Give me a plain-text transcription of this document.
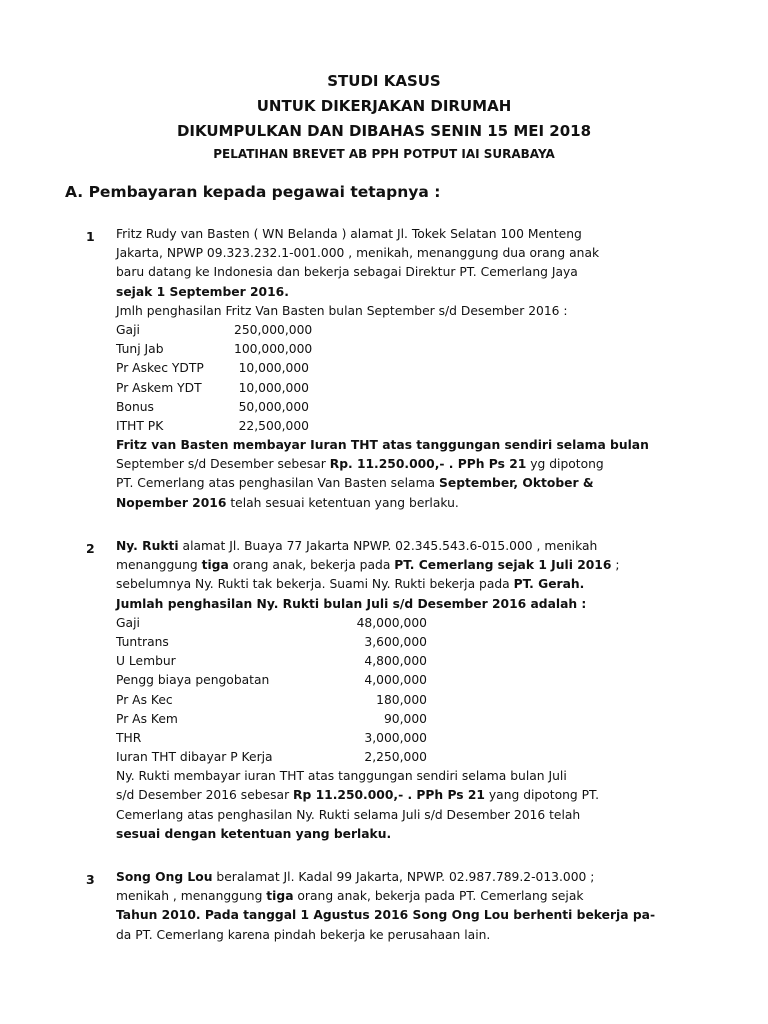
STUDI KASUS
UNTUK DIKERJAKAN DIRUMAH
DIKUMPULKAN DAN DIBAHAS SENIN 15 MEI 2018
PELATIHAN BREVET AB PPH POTPUT IAI SURABAYA
A. Pembayaran kepada pegawai tetapnya :
1 Fritz Rudy van Basten ( WN Belanda ) alamat Jl. Tokek Selatan 100 Menteng
Jakarta, NPWP 09.323.232.1-001.000 , menikah, menanggung dua orang anak
baru datang ke Indonesia dan bekerja sebagai Direktur PT. Cemerlang Jaya
sejak 1 September 2016.
Jmlh penghasilan Fritz Van Basten bulan September s/d Desember 2016 :
Gaji	250,000,000
Tunj Jab	100,000,000
Pr Askec YDTP	10,000,000
Pr Askem YDT	10,000,000
Bonus	50,000,000
ITHT PK	22,500,000
Fritz van Basten membayar Iuran THT atas tanggungan sendiri selama bulan
September s/d Desember sebesar Rp. 11.250.000,- . PPh Ps 21 yg dipotong
PT. Cemerlang atas penghasilan Van Basten selama September, Oktober &
Nopember 2016 telah sesuai ketentuan yang berlaku.
2 Ny. Rukti alamat Jl. Buaya 77 Jakarta NPWP. 02.345.543.6-015.000 , menikah
menanggung tiga orang anak, bekerja pada PT. Cemerlang sejak 1 Juli 2016 ;
sebelumnya Ny. Rukti tak bekerja. Suami Ny. Rukti bekerja pada PT. Gerah.
Jumlah penghasilan Ny. Rukti bulan Juli s/d Desember 2016 adalah :
Gaji	48,000,000
Tuntrans	3,600,000
U Lembur	4,800,000
Pengg biaya pengobatan	4,000,000
Pr As Kec	180,000
Pr As Kem	90,000
THR	3,000,000
Iuran THT dibayar P Kerja	2,250,000
Ny. Rukti membayar iuran THT atas tanggungan sendiri selama bulan Juli
s/d Desember 2016 sebesar Rp 11.250.000,- . PPh Ps 21 yang dipotong PT.
Cemerlang atas penghasilan Ny. Rukti selama Juli s/d Desember 2016 telah
sesuai dengan ketentuan yang berlaku.
3 Song Ong Lou beralamat Jl. Kadal 99 Jakarta, NPWP. 02.987.789.2-013.000 ;
menikah , menanggung tiga orang anak, bekerja pada PT. Cemerlang sejak
Tahun 2010. Pada tanggal 1 Agustus 2016 Song Ong Lou berhenti bekerja pa-
da PT. Cemerlang karena pindah bekerja ke perusahaan lain.
